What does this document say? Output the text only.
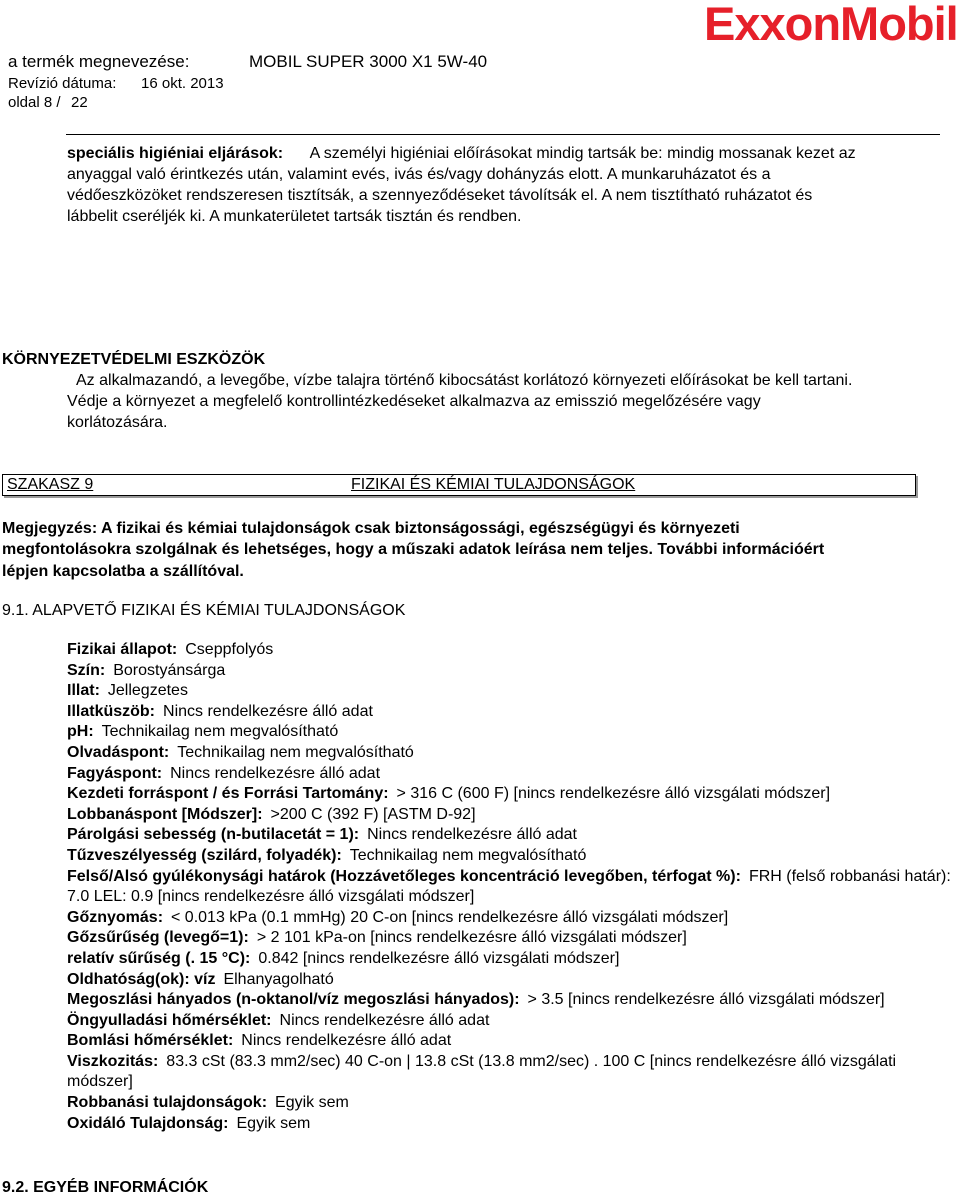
a termék megnevezése:	MOBIL SUPER 3000 X1 5W-40
Revízió dátuma: 16 okt. 2013
oldal 8 / 22
ExxonMobil
speciális higiéniai eljárások: A személyi higiéniai előírásokat mindig tartsák be: mindig mossanak kezet az
anyaggal való érintkezés után, valamint evés, ivás és/vagy dohányzás elott. A munkaruházatot és a
védőeszközöket rendszeresen tisztítsák, a szennyeződéseket távolítsák el. A nem tisztítható ruházatot és
lábbelit cseréljék ki. A munkaterületet tartsák tisztán és rendben.
KÖRNYEZETVÉDELMI ESZKÖZÖK
Az alkalmazandó, a levegőbe, vízbe talajra történő kibocsátást korlátozó környezeti előírásokat be kell tartani.
Védje a környezet a megfelelő kontrollintézkedéseket alkalmazva az emisszió megelőzésére vagy
korlátozására.
SZAKASZ 9	FIZIKAI ÉS KÉMIAI TULAJDONSÁGOK
Megjegyzés: A fizikai és kémiai tulajdonságok csak biztonságossági, egészségügyi és környezeti
megfontolásokra szolgálnak és lehetséges, hogy a műszaki adatok leírása nem teljes. További információért
lépjen kapcsolatba a szállítóval.
9.1. ALAPVETŐ FIZIKAI ÉS KÉMIAI TULAJDONSÁGOK
Fizikai állapot: Cseppfolyós
Szín: Borostyánsárga
Illat: Jellegzetes
Illatküszöb: Nincs rendelkezésre álló adat
pH: Technikailag nem megvalósítható
Olvadáspont: Technikailag nem megvalósítható
Fagyáspont: Nincs rendelkezésre álló adat
Kezdeti forráspont / és Forrási Tartomány: > 316 C (600 F) [nincs rendelkezésre álló vizsgálati módszer]
Lobbanáspont [Módszer]: >200 C (392 F) [ASTM D-92]
Párolgási sebesség (n-butilacetát = 1): Nincs rendelkezésre álló adat
Tűzveszélyesség (szilárd, folyadék): Technikailag nem megvalósítható
Felső/Alsó gyúlékonysági határok (Hozzávetőleges koncentráció levegőben, térfogat %): FRH (felső robbanási határ): 7.0 LEL: 0.9 [nincs rendelkezésre álló vizsgálati módszer]
Gőznyomás: < 0.013 kPa (0.1 mmHg) 20 C-on [nincs rendelkezésre álló vizsgálati módszer]
Gőzsűrűség (levegő=1): > 2 101 kPa-on [nincs rendelkezésre álló vizsgálati módszer]
relatív sűrűség (. 15 °C): 0.842 [nincs rendelkezésre álló vizsgálati módszer]
Oldhatóság(ok): víz Elhanyagolható
Megoszlási hányados (n-oktanol/víz megoszlási hányados): > 3.5 [nincs rendelkezésre álló vizsgálati módszer]
Öngyulladási hőmérséklet: Nincs rendelkezésre álló adat
Bomlási hőmérséklet: Nincs rendelkezésre álló adat
Viszkozitás: 83.3 cSt (83.3 mm2/sec) 40 C-on | 13.8 cSt (13.8 mm2/sec) . 100 C [nincs rendelkezésre álló vizsgálati módszer]
Robbanási tulajdonságok: Egyik sem
Oxidáló Tulajdonság: Egyik sem
9.2. EGYÉB INFORMÁCIÓK
